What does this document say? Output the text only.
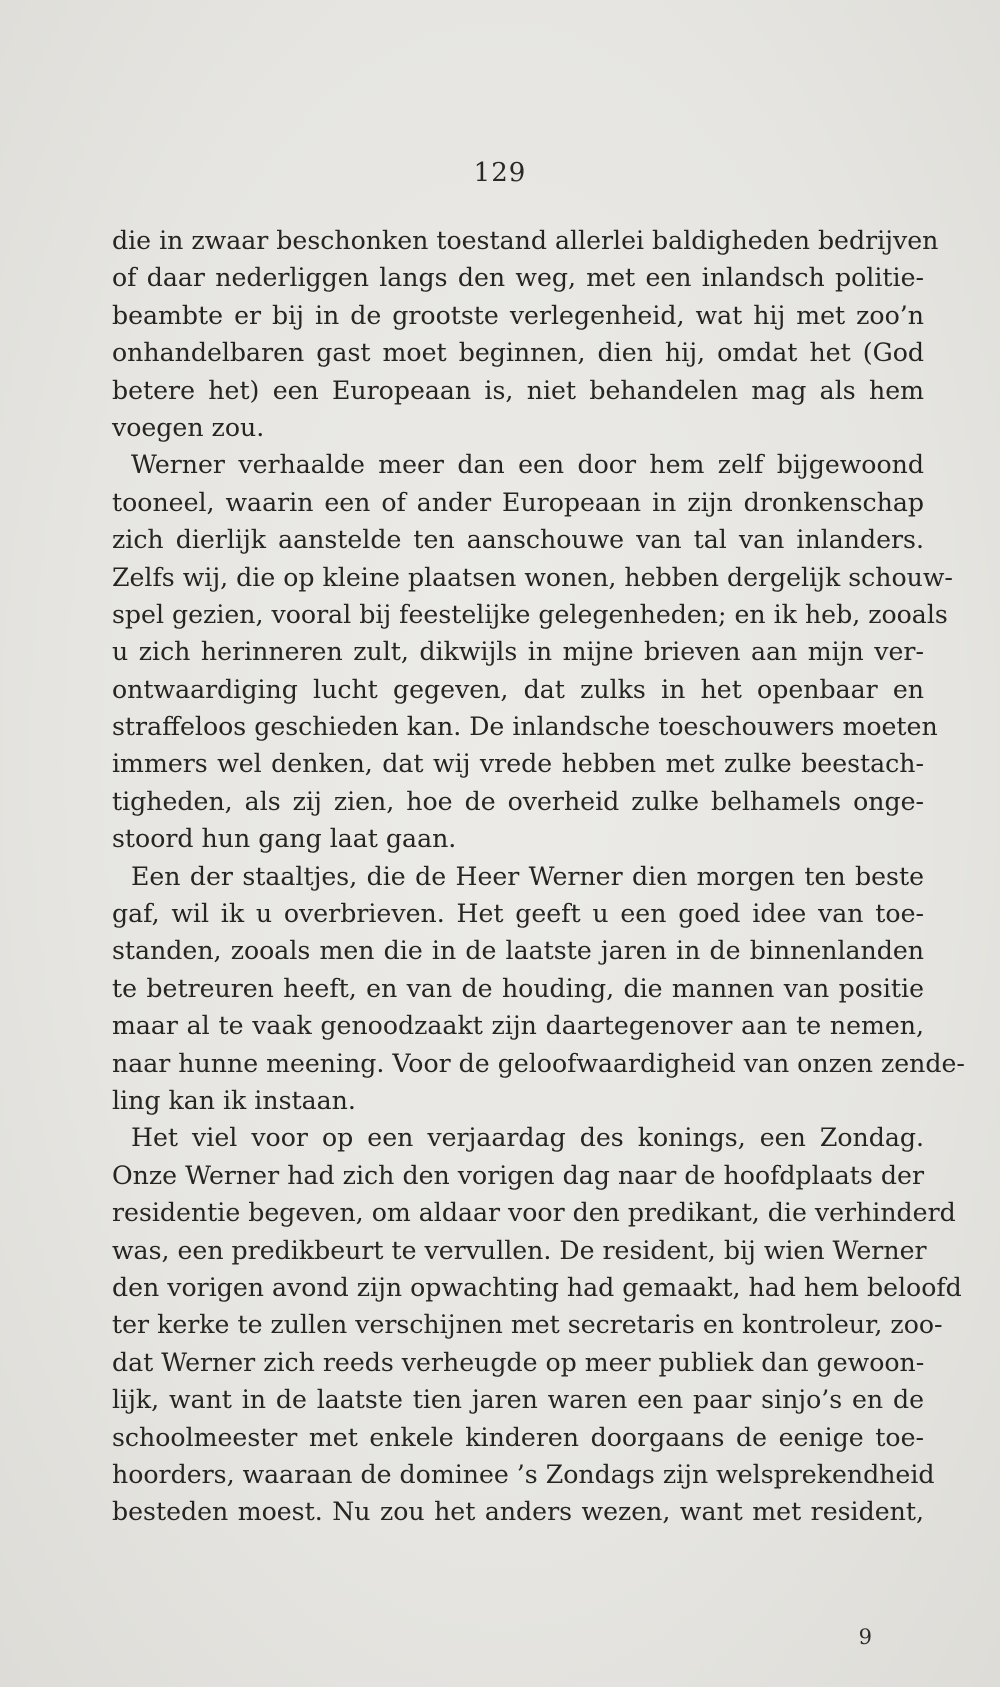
129
die in zwaar beschonken toestand allerlei baldigheden bedrijven
of daar nederliggen langs den weg, met een inlandsch politie-
beambte er bij in de grootste verlegenheid, wat hij met zoo’n
onhandelbaren gast moet beginnen, dien hij, omdat het (God
betere het) een Europeaan is, niet behandelen mag als hem
voegen zou.
Werner verhaalde meer dan een door hem zelf bijgewoond
tooneel, waarin een of ander Europeaan in zijn dronkenschap
zich dierlijk aanstelde ten aanschouwe van tal van inlanders.
Zelfs wij, die op kleine plaatsen wonen, hebben dergelijk schouw-
spel gezien, vooral bij feestelijke gelegenheden; en ik heb, zooals
u zich herinneren zult, dikwijls in mijne brieven aan mijn ver-
ontwaardiging lucht gegeven, dat zulks in het openbaar en
straffeloos geschieden kan. De inlandsche toeschouwers moeten
immers wel denken, dat wij vrede hebben met zulke beestach-
tigheden, als zij zien, hoe de overheid zulke belhamels onge-
stoord hun gang laat gaan.
Een der staaltjes, die de Heer Werner dien morgen ten beste
gaf, wil ik u overbrieven. Het geeft u een goed idee van toe-
standen, zooals men die in de laatste jaren in de binnenlanden
te betreuren heeft, en van de houding, die mannen van positie
maar al te vaak genoodzaakt zijn daartegenover aan te nemen,
naar hunne meening. Voor de geloofwaardigheid van onzen zende-
ling kan ik instaan.
Het viel voor op een verjaardag des konings, een Zondag.
Onze Werner had zich den vorigen dag naar de hoofdplaats der
residentie begeven, om aldaar voor den predikant, die verhinderd
was, een predikbeurt te vervullen. De resident, bij wien Werner
den vorigen avond zijn opwachting had gemaakt, had hem beloofd
ter kerke te zullen verschijnen met secretaris en kontroleur, zoo-
dat Werner zich reeds verheugde op meer publiek dan gewoon-
lijk, want in de laatste tien jaren waren een paar sinjo’s en de
schoolmeester met enkele kinderen doorgaans de eenige toe-
hoorders, waaraan de dominee ’s Zondags zijn welsprekendheid
besteden moest. Nu zou het anders wezen, want met resident,
9
